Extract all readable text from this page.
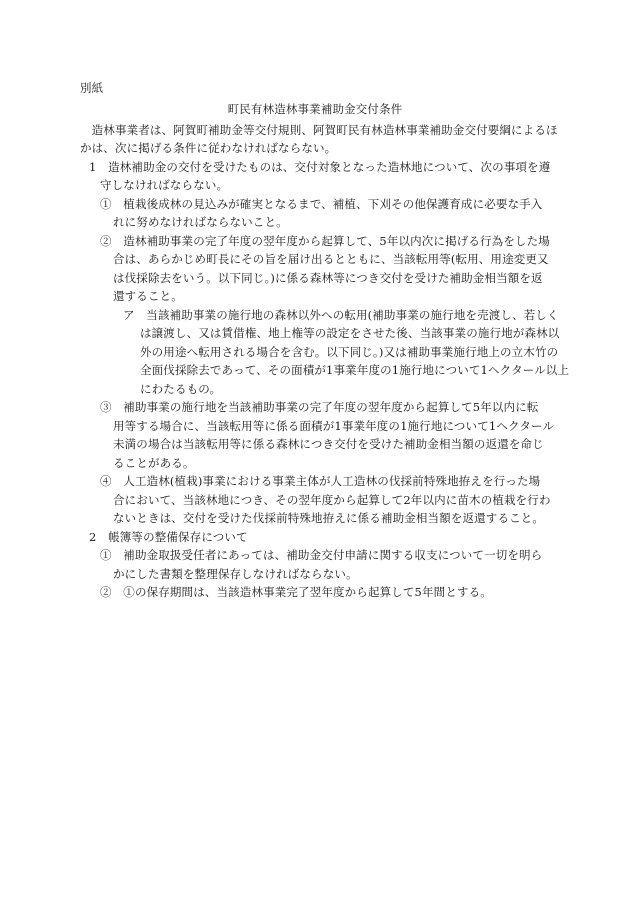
別紙
町民有林造林事業補助金交付条件
　造林事業者は、阿賀町補助金等交付規則、阿賀町民有林造林事業補助金交付要綱によるほ
かは、次に掲げる条件に従わなければならない。
1　造林補助金の交付を受けたものは、交付対象となった造林地について、次の事項を遵
守しなければならない。
①　植栽後成林の見込みが確実となるまで、補植、下刈その他保護育成に必要な手入
れに努めなければならないこと。
②　造林補助事業の完了年度の翌年度から起算して、5年以内次に掲げる行為をした場
合は、あらかじめ町長にその旨を届け出るとともに、当該転用等(転用、用途変更又
は伐採除去をいう。以下同じ。)に係る森林等につき交付を受けた補助金相当額を返
還すること。
ア　当該補助事業の施行地の森林以外への転用(補助事業の施行地を売渡し、若しく
は譲渡し、又は賃借権、地上権等の設定をさせた後、当該事業の施行地が森林以
外の用途へ転用される場合を含む。以下同じ。)又は補助事業施行地上の立木竹の
全面伐採除去であって、その面積が1事業年度の1施行地について1ヘクタール以上
にわたるもの。
③　補助事業の施行地を当該補助事業の完了年度の翌年度から起算して5年以内に転
用等する場合に、当該転用等に係る面積が1事業年度の1施行地について1ヘクタール
未満の場合は当該転用等に係る森林につき交付を受けた補助金相当額の返還を命じ
ることがある。
④　人工造林(植栽)事業における事業主体が人工造林の伐採前特殊地拵えを行った場
合において、当該林地につき、その翌年度から起算して2年以内に苗木の植栽を行わ
ないときは、交付を受けた伐採前特殊地拵えに係る補助金相当額を返還すること。
2　帳簿等の整備保存について
①　補助金取扱受任者にあっては、補助金交付申請に関する収支について一切を明ら
かにした書類を整理保存しなければならない。
②　①の保存期間は、当該造林事業完了翌年度から起算して5年間とする。
